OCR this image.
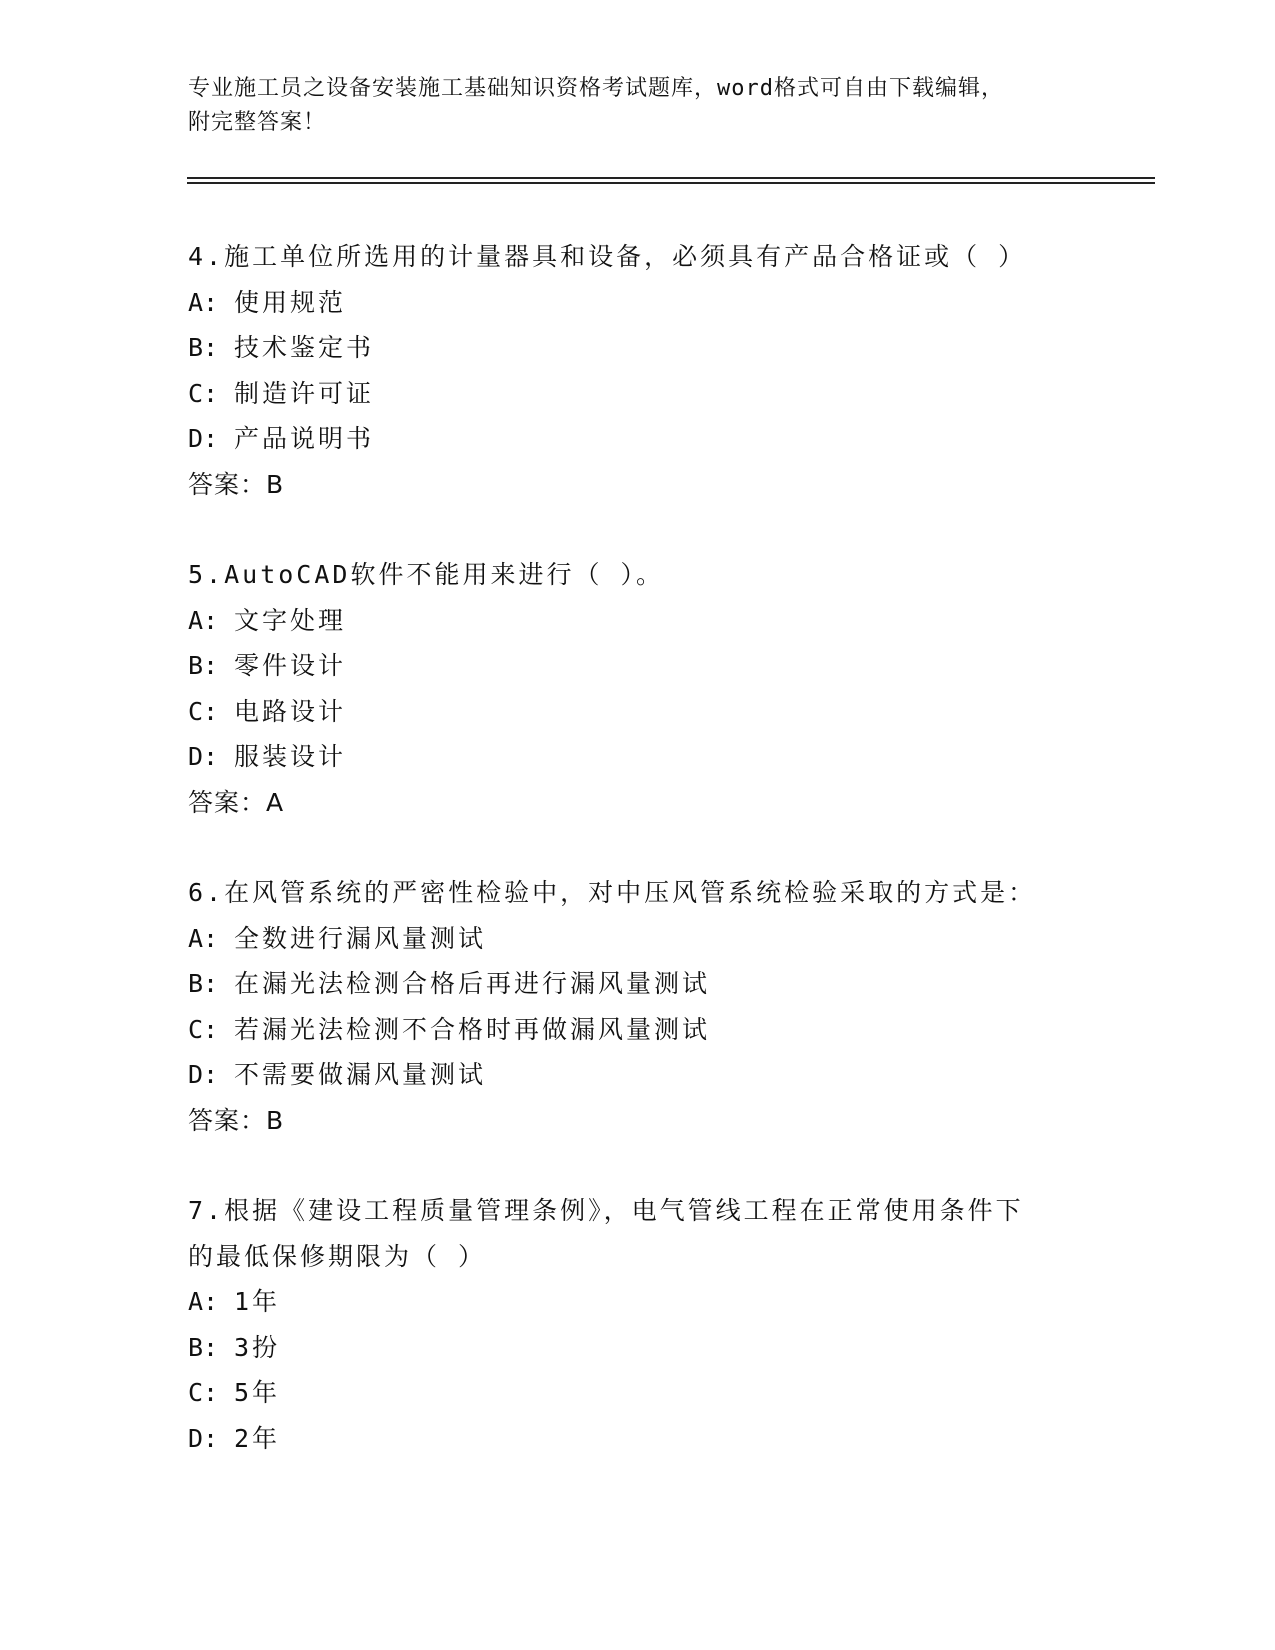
专业施工员之设备安装施工基础知识资格考试题库，word格式可自由下载编辑，
附完整答案！
4.施工单位所选用的计量器具和设备，必须具有产品合格证或（ ）
A: 使用规范
B: 技术鉴定书
C: 制造许可证
D: 产品说明书
答案：B
5.AutoCAD软件不能用来进行（ ）。
A: 文字处理
B: 零件设计
C: 电路设计
D: 服装设计
答案：A
6.在风管系统的严密性检验中，对中压风管系统检验采取的方式是：
A: 全数进行漏风量测试
B: 在漏光法检测合格后再进行漏风量测试
C: 若漏光法检测不合格时再做漏风量测试
D: 不需要做漏风量测试
答案：B
7.根据《建设工程质量管理条例》，电气管线工程在正常使用条件下
的最低保修期限为（ ）
A: 1年
B: 3扮
C: 5年
D: 2年
